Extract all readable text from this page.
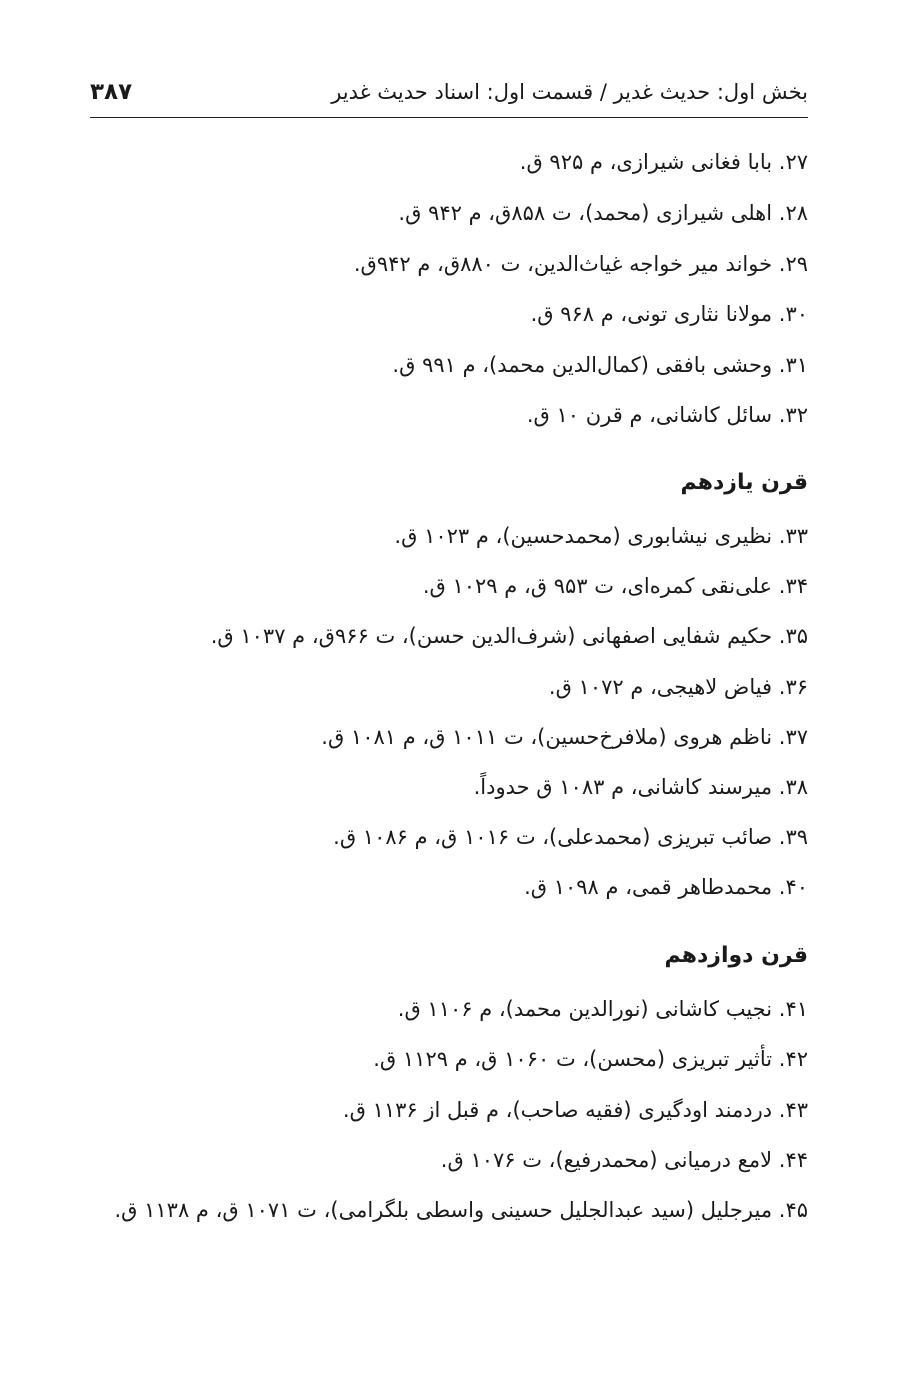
بخش اول: حدیث غدیر / قسمت اول: اسناد حدیث غدیر
۳۸۷
۲۷. بابا فغانی شیرازی، م ۹۲۵ ق.
۲۸. اهلی شیرازی (محمد)، ت ۸۵۸ق، م ۹۴۲ ق.
۲۹. خواند میر خواجه غیاث‌الدین، ت ۸۸۰ق، م ۹۴۲ق.
۳۰. مولانا نثاری تونی، م ۹۶۸ ق.
۳۱. وحشی بافقی (کمال‌الدین محمد)، م ۹۹۱ ق.
۳۲. سائل کاشانی، م قرن ۱۰ ق.
قرن یازدهم
۳۳. نظیری نیشابوری (محمدحسین)، م ۱۰۲۳ ق.
۳۴. علی‌نقی کمره‌ای، ت ۹۵۳ ق، م ۱۰۲۹ ق.
۳۵. حکیم شفایی اصفهانی (شرف‌الدین حسن)، ت ۹۶۶ق، م ۱۰۳۷ ق.
۳۶. فیاض لاهیجی، م ۱۰۷۲ ق.
۳۷. ناظم هروی (ملافرخ‌حسین)، ت ۱۰۱۱ ق، م ۱۰۸۱ ق.
۳۸. میرسند کاشانی، م ۱۰۸۳ ق حدوداً.
۳۹. صائب تبریزی (محمدعلی)، ت ۱۰۱۶ ق، م ۱۰۸۶ ق.
۴۰. محمدطاهر قمی، م ۱۰۹۸ ق.
قرن دوازدهم
۴۱. نجیب کاشانی (نورالدین محمد)، م ۱۱۰۶ ق.
۴۲. تأثیر تبریزی (محسن)، ت ۱۰۶۰ ق، م ۱۱۲۹ ق.
۴۳. دردمند اودگیری (فقیه صاحب)، م قبل از ۱۱۳۶ ق.
۴۴. لامع درمیانی (محمدرفیع)، ت ۱۰۷۶ ق.
۴۵. میرجلیل (سید عبدالجلیل حسینی واسطی بلگرامی)، ت ۱۰۷۱ ق، م ۱۱۳۸ ق.
